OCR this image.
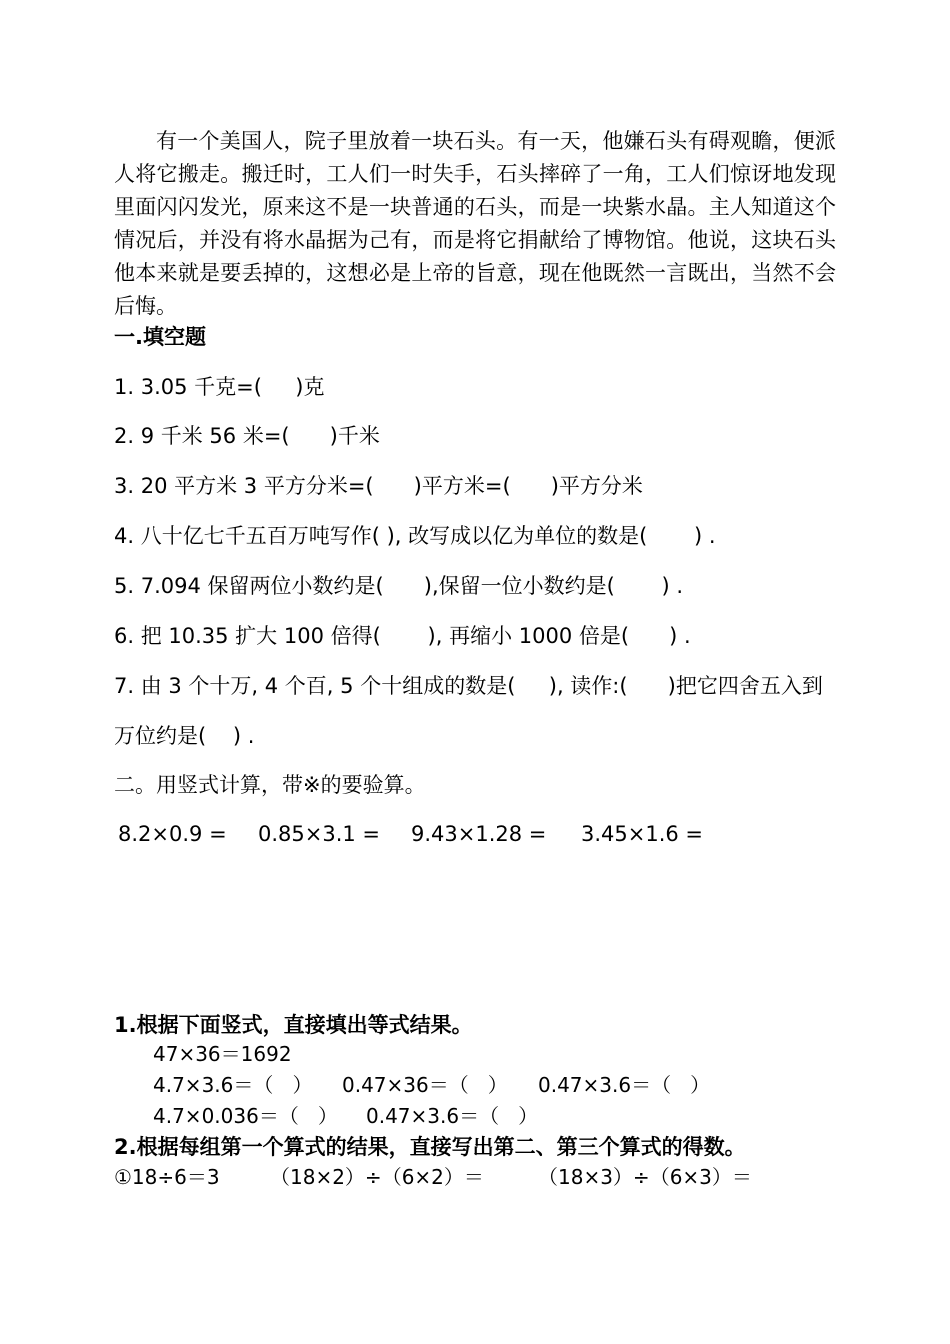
有一个美国人，院子里放着一块石头。有一天，他嫌石头有碍观瞻，便派人将它搬走。搬迁时，工人们一时失手，石头摔碎了一角，工人们惊讶地发现里面闪闪发光，原来这不是一块普通的石头，而是一块紫水晶。主人知道这个情况后，并没有将水晶据为己有，而是将它捐献给了博物馆。他说，这块石头他本来就是要丢掉的，这想必是上帝的旨意，现在他既然一言既出，当然不会后悔。
一.填空题
1. 3.05 千克=(     )克
2. 9 千米 56 米=(      )千米
3. 20 平方米 3 平方分米=(      )平方米=(      )平方分米
4. 八十亿七千五百万吨写作( ), 改写成以亿为单位的数是(       ) .
5. 7.094 保留两位小数约是(      ),保留一位小数约是(       ) .
6. 把 10.35 扩大 100 倍得(       ), 再缩小 1000 倍是(      ) .
7. 由 3 个十万, 4 个百, 5 个十组成的数是(     ), 读作:(      )把它四舍五入到
万位约是(    ) .
二。用竖式计算，带※的要验算。
8.2×0.9 = 0.85×3.1 = 9.43×1.28 = 3.45×1.6 =
1.根据下面竖式，直接填出等式结果。
47×36＝1692
4.7×3.6＝（   ） 0.47×36＝（   ） 0.47×3.6＝（   ）
4.7×0.036＝（   ） 0.47×3.6＝（   ）
2.根据每组第一个算式的结果，直接写出第二、第三个算式的得数。
①18÷6＝3	（18×2）÷（6×2）＝	（18×3）÷（6×3）＝
